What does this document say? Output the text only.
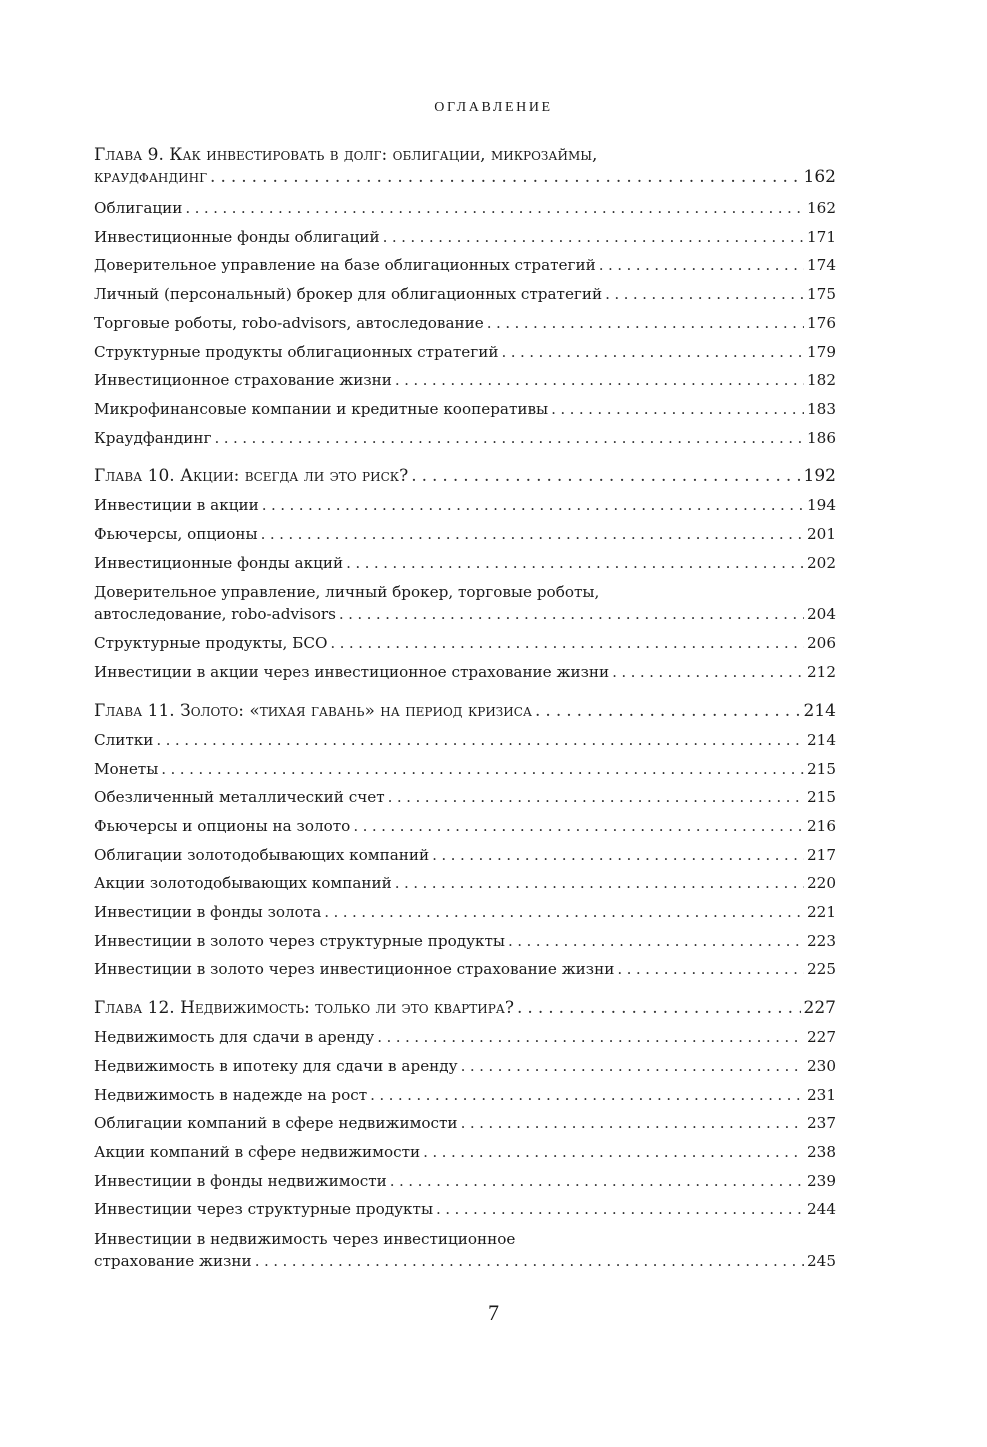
ОГЛАВЛЕНИЕ
Глава 9. Как инвестировать в долг: облигации, микрозаймы,
краудфандинг . . .	162
Облигации . . .	162
Инвестиционные фонды облигаций . . .	171
Доверительное управление на базе облигационных стратегий . . .	174
Личный (персональный) брокер для облигационных стратегий . . .	175
Торговые роботы, robo-advisors, автоследование . . .	176
Структурные продукты облигационных стратегий . . .	179
Инвестиционное страхование жизни . . .	182
Микрофинансовые компании и кредитные кооперативы . . .	183
Краудфандинг . . .	186
Глава 10. Акции: всегда ли это риск? . . .	192
Инвестиции в акции . . .	194
Фьючерсы, опционы . . .	201
Инвестиционные фонды акций . . .	202
Доверительное управление, личный брокер, торговые роботы,
автоследование, robo-advisors . . .	204
Структурные продукты, БСО . . .	206
Инвестиции в акции через инвестиционное страхование жизни . . .	212
Глава 11. Золото: «тихая гавань» на период кризиса . . .	214
Слитки . . .	214
Монеты . . .	215
Обезличенный металлический счет . . .	215
Фьючерсы и опционы на золото . . .	216
Облигации золотодобывающих компаний . . .	217
Акции золотодобывающих компаний . . .	220
Инвестиции в фонды золота . . .	221
Инвестиции в золото через структурные продукты . . .	223
Инвестиции в золото через инвестиционное страхование жизни . . .	225
Глава 12. Недвижимость: только ли это квартира? . . .	227
Недвижимость для сдачи в аренду . . .	227
Недвижимость в ипотеку для сдачи в аренду . . .	230
Недвижимость в надежде на рост . . .	231
Облигации компаний в сфере недвижимости . . .	237
Акции компаний в сфере недвижимости . . .	238
Инвестиции в фонды недвижимости . . .	239
Инвестиции через структурные продукты . . .	244
Инвестиции в недвижимость через инвестиционное
страхование жизни . . .	245

7
